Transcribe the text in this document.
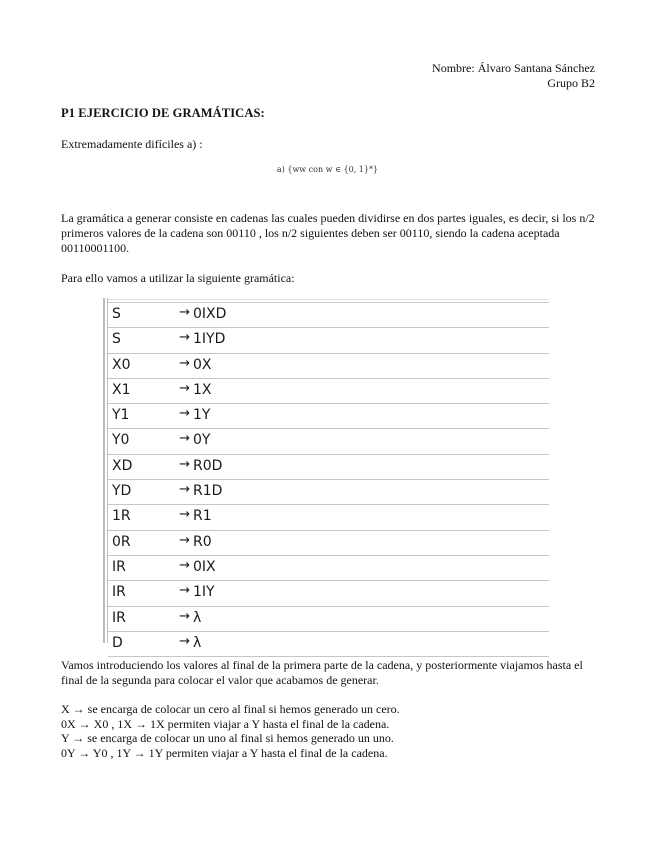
Nombre: Álvaro Santana Sánchez
Grupo B2
P1 EJERCICIO DE GRAMÁTICAS:
Extremadamente difíciles a) :
a) {ww con w ∈ {0, 1}*}
La gramática a generar consiste en cadenas las cuales pueden dividirse en dos partes iguales, es decir, si los n/2 primeros valores de la cadena son 00110 , los n/2 siguientes deben ser 00110, siendo la cadena aceptada 00110001100.
Para ello vamos a utilizar la siguiente gramática:
S	→ 0IXD
S	→ 1IYD
X0	→ 0X
X1	→ 1X
Y1	→ 1Y
Y0	→ 0Y
XD	→ R0D
YD	→ R1D
1R	→ R1
0R	→ R0
IR	→ 0IX
IR	→ 1IY
IR	→ λ
D	→ λ
Vamos introduciendo los valores al final de la primera parte de la cadena, y posteriormente viajamos hasta el final de la segunda para colocar el valor que acabamos de generar.
X → se encarga de colocar un cero al final si hemos generado un cero.
0X → X0 , 1X → 1X permiten viajar a Y hasta el final de la cadena.
Y → se encarga de colocar un uno al final si hemos generado un uno.
0Y → Y0 , 1Y → 1Y permiten viajar a Y hasta el final de la cadena.
